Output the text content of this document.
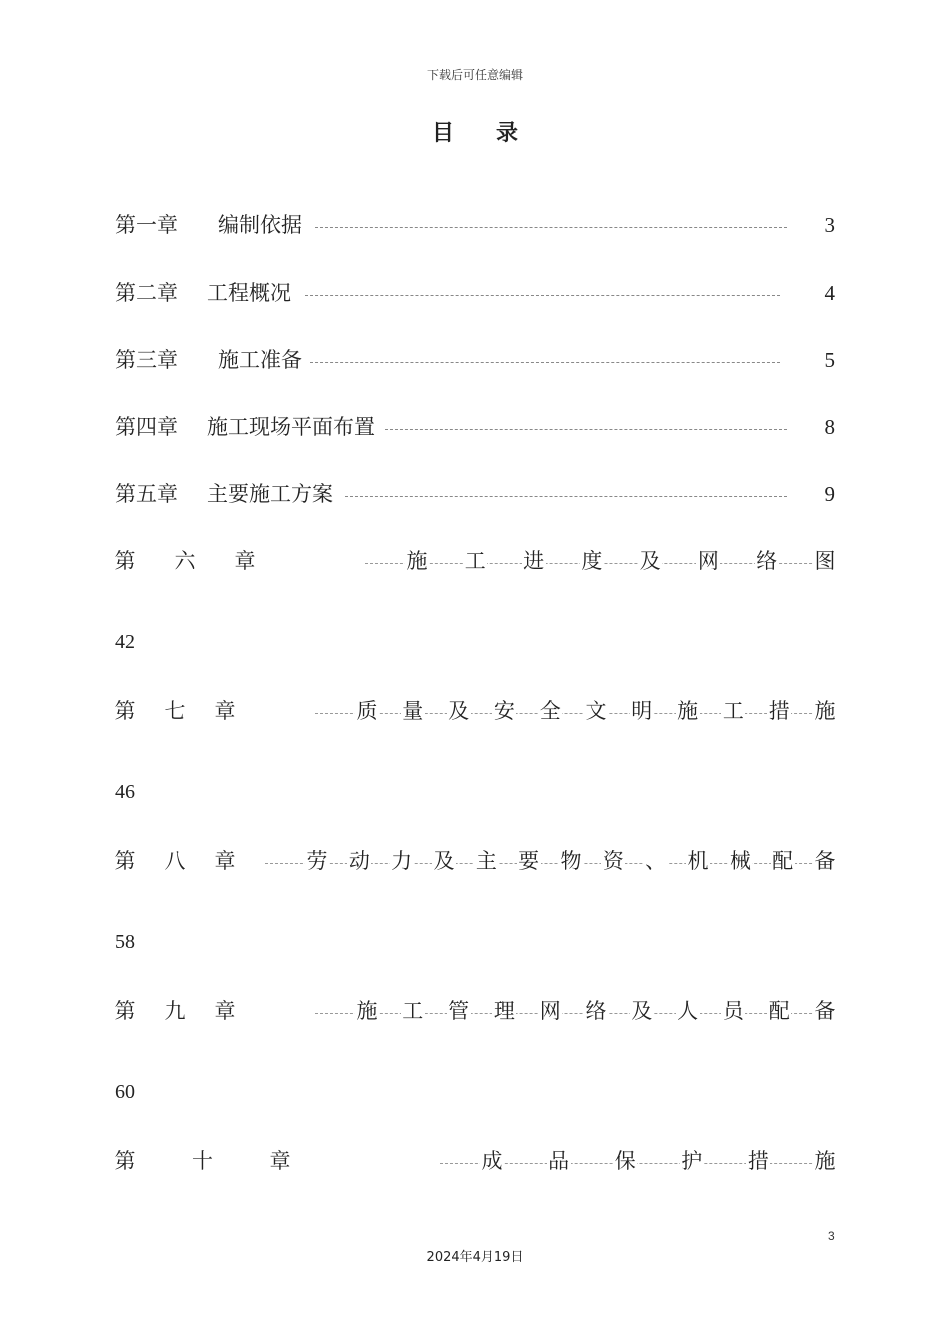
下载后可任意编辑
目录
第一章 编制依据	3
第二章 工程概况	4
第三章 施工准备	5
第四章 施工现场平面布置	8
第五章 主要施工方案	9
第 六 章	施 工 进 度 及 网 络 图
42
第 七 章	质 量 及 安 全 文 明 施 工 措 施
46
第 八 章	劳 动 力 及 主 要 物 资 、 机 械 配 备
58
第 九 章	施 工 管 理 网 络 及 人 员 配 备
60
第	十	章	成 品 保 护 措 施
3
2024年4月19日
